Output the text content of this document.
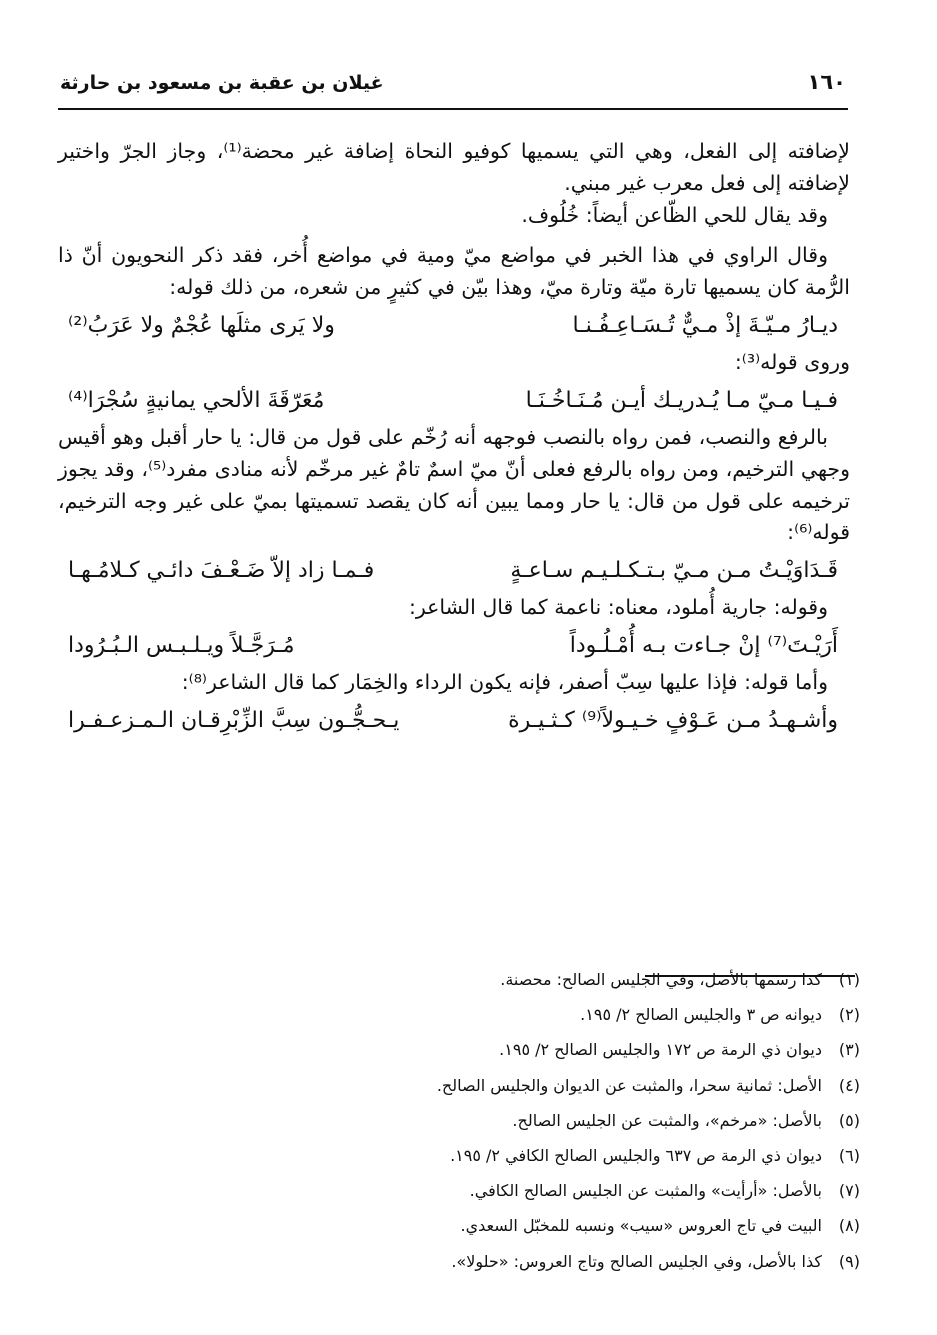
١٦٠
غيلان بن عقبة بن مسعود بن حارثة

لإضافته إلى الفعل، وهي التي يسميها كوفيو النحاة إضافة غير محضة⁽¹⁾، وجاز الجرّ واختير لإضافته إلى فعل معرب غير مبني.

وقد يقال للحي الظّاعن أيضاً: خُلُوف.

وقال الراوي في هذا الخبر في مواضع ميّ ومية في مواضع أُخر، فقد ذكر النحويون أنّ ذا الرُّمة كان يسميها تارة ميّة وتارة ميّ، وهذا بيّن في كثيرٍ من شعره، من ذلك قوله:

ديـارُ مـيّـةَ إذْ مـيٌّ تُـسَـاعِـفُـنـا
ولا يَرى مثلَها عُجْمٌ ولا عَرَبُ⁽²⁾

وروى قوله⁽³⁾:

فـيـا مـيّ مـا يُـدريـك أيـن مُـنَـاخُـنَـا
مُعَرّقَةَ الألحي يمانيةٍ سُجْرَا⁽⁴⁾

بالرفع والنصب، فمن رواه بالنصب فوجهه أنه رُخّم على قول من قال: يا حار أقبل وهو أقيس وجهي الترخيم، ومن رواه بالرفع فعلى أنّ ميّ اسمٌ تامٌ غير مرخّم لأنه منادى مفرد⁽⁵⁾، وقد يجوز ترخيمه على قول من قال: يا حار ومما يبين أنه كان يقصد تسميتها بميّ على غير وجه الترخيم، قوله⁽⁶⁾:

قَـدَاوَيْـتُ مـن مـيّ بـتـكـلـيـم سـاعـةٍ
فـمـا زاد إلاّ ضَـعْـفَ دائـي كـلامُـهـا

وقوله: جارية أُملود، معناه: ناعمة كما قال الشاعر:

أَرَيْـتَ⁽⁷⁾ إنْ جـاءت بـه أُمْـلُـوداً
مُـرَجَّـلاً ويـلـبـس الـبُـرُودا

وأما قوله: فإذا عليها سِبّ أصفر، فإنه يكون الرداء والخِمَار كما قال الشاعر⁽⁸⁾:

وأشـهـدُ مـن عَـوْفٍ خـيـولاً⁽⁹⁾ كـثـيـرة
يـحـجُّـون سِبَّ الزِّبْرِقـان الـمـزعـفـرا
(١)
كذا رسمها بالأصل، وفي الجليس الصالح: محصنة.
(٢)
ديوانه ص ٣ والجليس الصالح ٢/ ١٩٥.
(٣)
ديوان ذي الرمة ص ١٧٢ والجليس الصالح ٢/ ١٩٥.
(٤)
الأصل: ثمانية سحرا، والمثبت عن الديوان والجليس الصالح.
(٥)
بالأصل: «مرخم»، والمثبت عن الجليس الصالح.
(٦)
ديوان ذي الرمة ص ٦٣٧ والجليس الصالح الكافي ٢/ ١٩٥.
(٧)
بالأصل: «أرأيت» والمثبت عن الجليس الصالح الكافي.
(٨)
البيت في تاج العروس «سيب» ونسبه للمخبّل السعدي.
(٩)
كذا بالأصل، وفي الجليس الصالح وتاج العروس: «حلولا».
